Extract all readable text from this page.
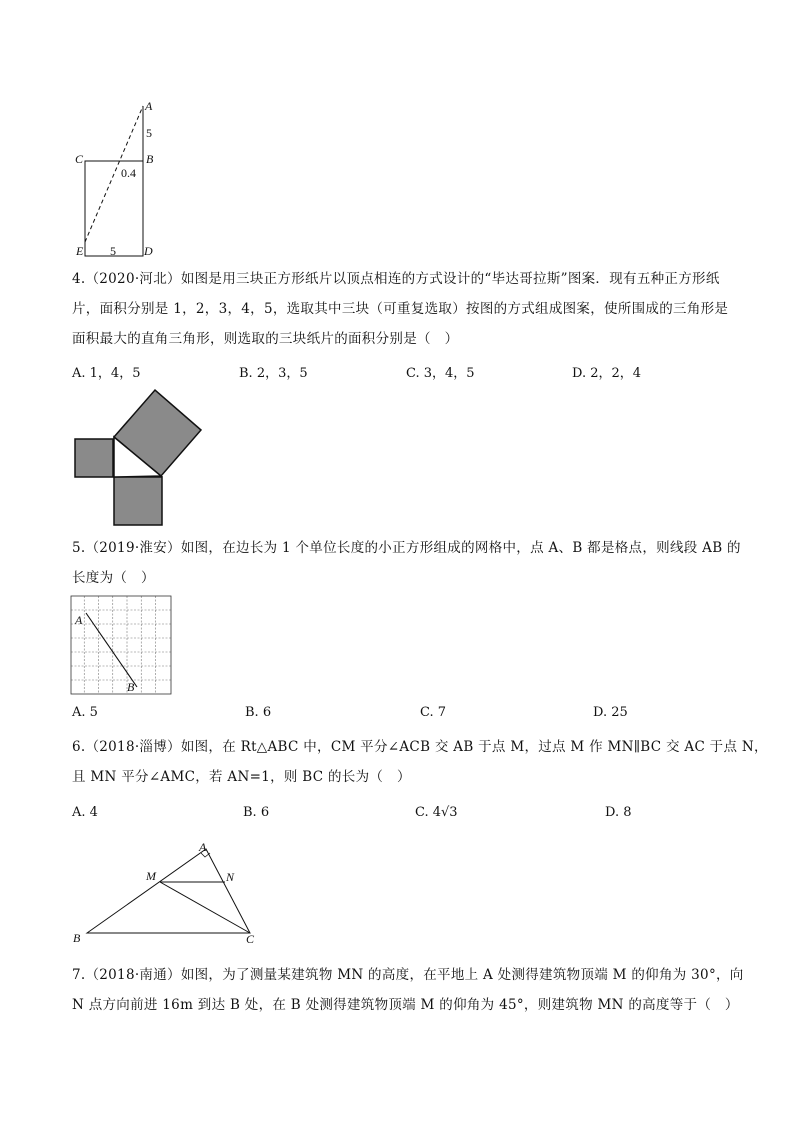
A
5
C	B
0.4
E 5 D
4.（2020·河北）如图是用三块正方形纸片以顶点相连的方式设计的“毕达哥拉斯”图案．现有五种正方形纸
片，面积分别是 1，2，3，4，5，选取其中三块（可重复选取）按图的方式组成图案，使所围成的三角形是
面积最大的直角三角形，则选取的三块纸片的面积分别是（　）
A. 1，4，5	B. 2，3，5	C. 3，4，5	D. 2，2，4
5.（2019·淮安）如图，在边长为 1 个单位长度的小正方形组成的网格中，点 A、B 都是格点，则线段 AB 的
长度为（　）
A
B
A. 5	B. 6	C. 7	D. 25
6.（2018·淄博）如图，在 Rt△ABC 中，CM 平分∠ACB 交 AB 于点 M，过点 M 作 MN∥BC 交 AC 于点 N，
且 MN 平分∠AMC，若 AN=1，则 BC 的长为（　）
A. 4	B. 6	C. 4√3	D. 8
A
M	N
B	C
7.（2018·南通）如图，为了测量某建筑物 MN 的高度，在平地上 A 处测得建筑物顶端 M 的仰角为 30°，向
N 点方向前进 16m 到达 B 处，在 B 处测得建筑物顶端 M 的仰角为 45°，则建筑物 MN 的高度等于（　）
